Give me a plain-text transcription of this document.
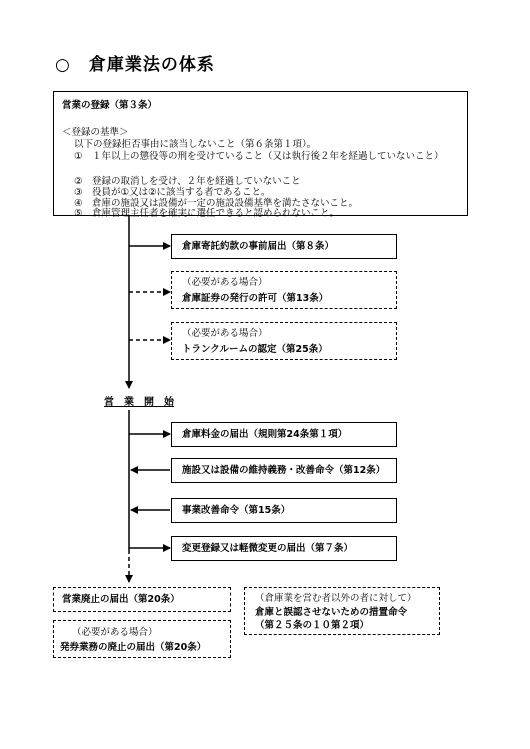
○　倉庫業法の体系
営業の登録（第３条）
＜登録の基準＞
以下の登録拒否事由に該当しないこと（第６条第１項）。
①　１年以上の懲役等の刑を受けていること（又は執行後２年を経過していないこと）
②　登録の取消しを受け、２年を経過していないこと
③　役員が①又は②に該当する者であること。
④　倉庫の施設又は設備が一定の施設設備基準を満たさないこと。
⑤　倉庫管理主任者を確実に選任できると認められないこと。
倉庫寄託約款の事前届出（第８条）
（必要がある場合）
倉庫証券の発行の許可（第13条）
（必要がある場合）
トランクルームの認定（第25条）
営　業　開　始
倉庫料金の届出（規則第24条第１項）
施設又は設備の維持義務・改善命令（第12条）
事業改善命令（第15条）
変更登録又は軽微変更の届出（第７条）
営業廃止の届出（第20条）
（必要がある場合）
発券業務の廃止の届出（第20条）
（倉庫業を営む者以外の者に対して）
倉庫と誤認させないための措置命令
（第２５条の１０第２項）
